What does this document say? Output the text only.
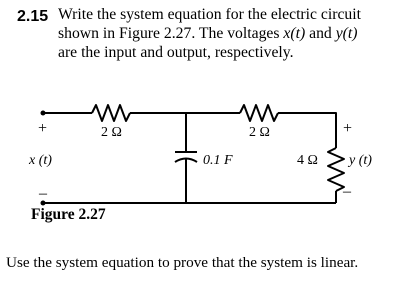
2.15 Write the system equation for the electric circuit
shown in Figure 2.27. The voltages x(t) and y(t)
are the input and output, respectively.
+
x (t)
–
2 Ω	2 Ω
0.1 F	4 Ω
+
y (t)
–
Figure 2.27
Use the system equation to prove that the system is linear.
